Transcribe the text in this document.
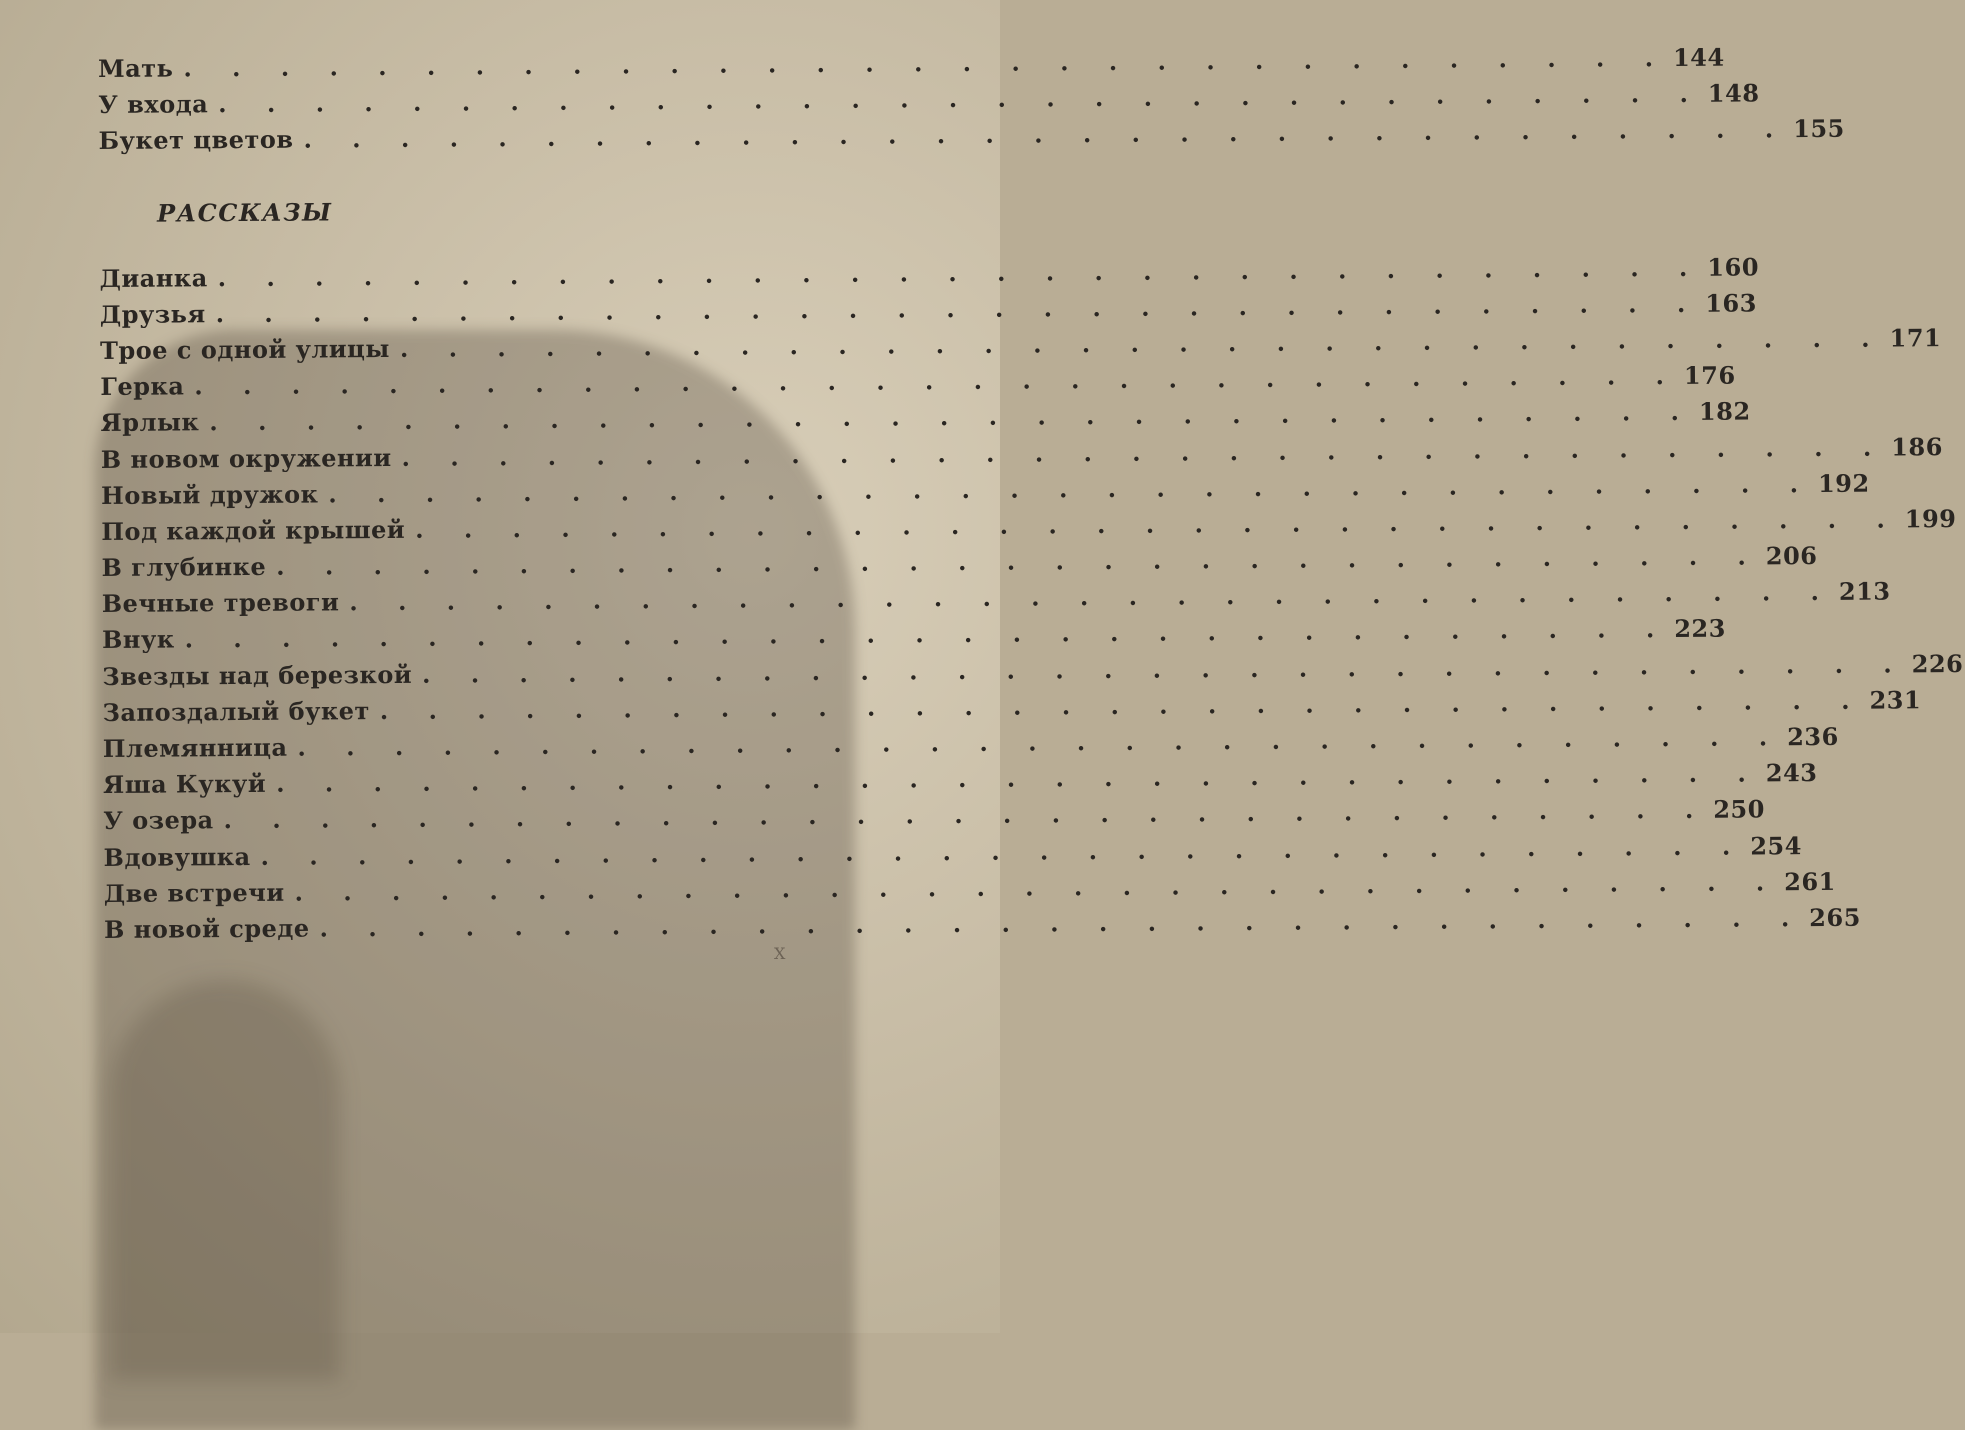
Мать . . . . . . . . . . . . . . . . . . . . . . . . . . . . . . . 144
У входа . . . . . . . . . . . . . . . . . . . . . . . . . . . . . . . 148
Букет цветов . . . . . . . . . . . . . . . . . . . . . . . . . . . . . . . 155
РАССКАЗЫ
Дианка . . . . . . . . . . . . . . . . . . . . . . . . . . . . . . . 160
Друзья . . . . . . . . . . . . . . . . . . . . . . . . . . . . . . . 163
Трое с одной улицы . . . . . . . . . . . . . . . . . . . . . . . . . . . . . . . 171
Герка . . . . . . . . . . . . . . . . . . . . . . . . . . . . . . . 176
Ярлык . . . . . . . . . . . . . . . . . . . . . . . . . . . . . . . 182
В новом окружении . . . . . . . . . . . . . . . . . . . . . . . . . . . . . . . 186
Новый дружок . . . . . . . . . . . . . . . . . . . . . . . . . . . . . . . 192
Под каждой крышей . . . . . . . . . . . . . . . . . . . . . . . . . . . . . . . 199
В глубинке . . . . . . . . . . . . . . . . . . . . . . . . . . . . . . . 206
Вечные тревоги . . . . . . . . . . . . . . . . . . . . . . . . . . . . . . . 213
Внук . . . . . . . . . . . . . . . . . . . . . . . . . . . . . . . 223
Звезды над березкой . . . . . . . . . . . . . . . . . . . . . . . . . . . . . . . 226
Запоздалый букет . . . . . . . . . . . . . . . . . . . . . . . . . . . . . . . 231
Племянница . . . . . . . . . . . . . . . . . . . . . . . . . . . . . . . 236
Яша Кукуй . . . . . . . . . . . . . . . . . . . . . . . . . . . . . . . 243
У озера . . . . . . . . . . . . . . . . . . . . . . . . . . . . . . . 250
Вдовушка . . . . . . . . . . . . . . . . . . . . . . . . . . . . . . . 254
Две встречи . . . . . . . . . . . . . . . . . . . . . . . . . . . . . . . 261
В новой среде . . . . . . . . . . . . . . . . . . . . . . . . . . . . . . . 265
X
